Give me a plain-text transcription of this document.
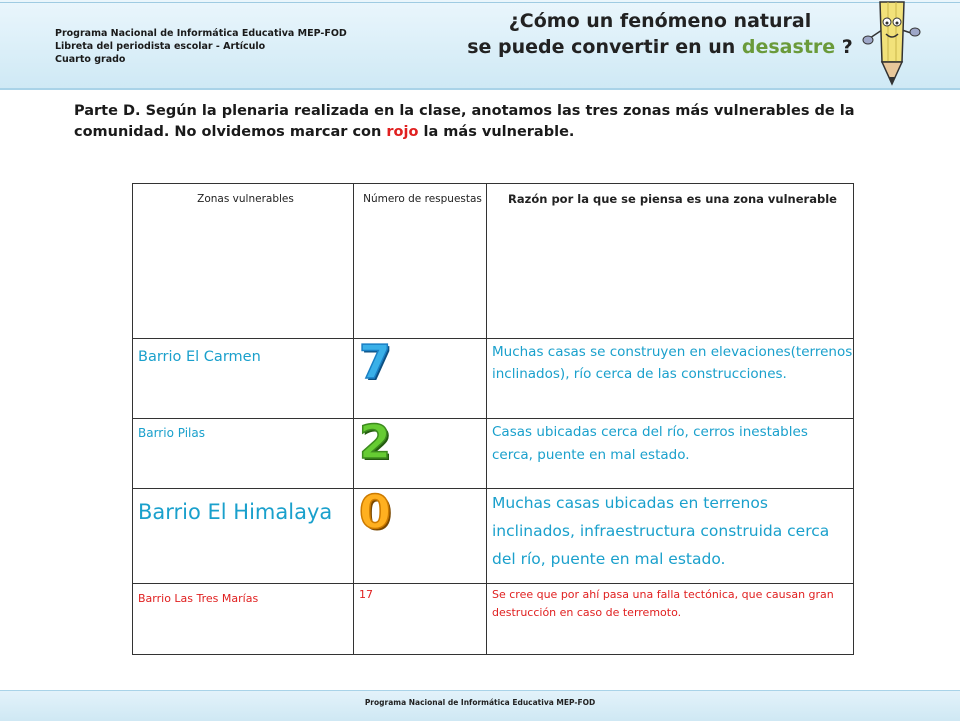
Programa Nacional de Informática Educativa MEP-FOD
Libreta del periodista escolar - Artículo
Cuarto grado
¿Cómo un fenómeno natural
se puede convertir en un desastre ?
Parte D. Según la plenaria realizada en la clase, anotamos las tres zonas más vulnerables de la comunidad. No olvidemos marcar con rojo la más vulnerable.
Zonas vulnerables	Número de respuestas	Razón por la que se piensa es una zona vulnerable
Barrio El Carmen	7	Muchas casas se construyen en elevaciones(terrenos inclinados), río cerca de las construcciones.
Barrio Pilas	2	Casas ubicadas cerca del río, cerros inestables cerca, puente en mal estado.
Barrio El Himalaya	0	Muchas casas ubicadas en terrenos inclinados, infraestructura construida cerca del río, puente en mal estado.
Barrio Las Tres Marías	17	Se cree que por ahí pasa una falla tectónica, que causan gran destrucción en caso de terremoto.
Programa Nacional de Informática Educativa MEP-FOD
